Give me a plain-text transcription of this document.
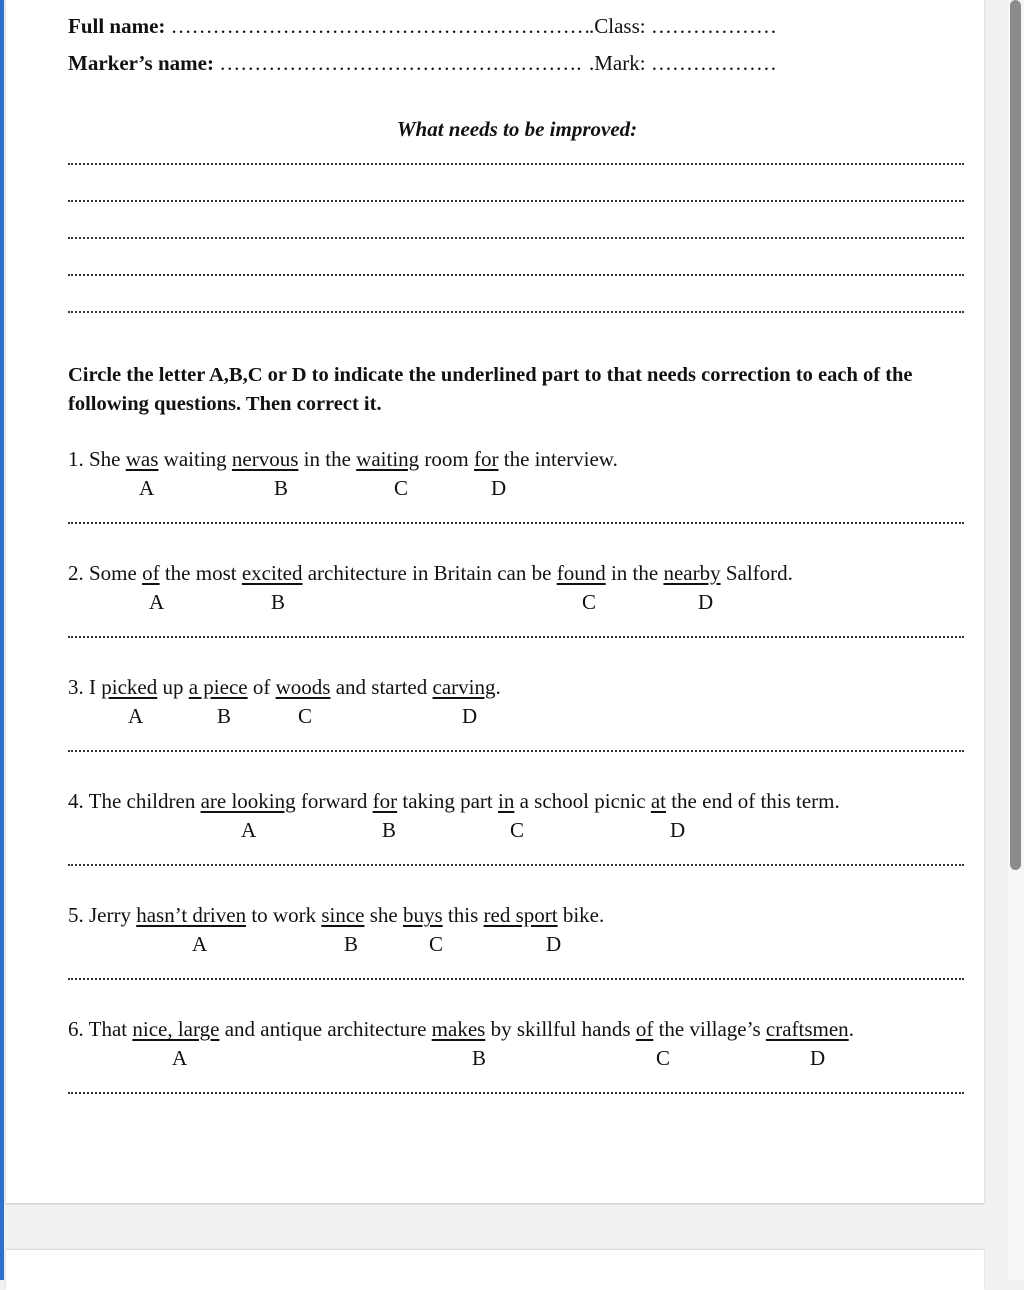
Full name: ……………………………………………………
.Class: ………………
Marker’s name: ……………………………………………. .Mark: ………………
What needs to be improved:
Circle the letter A,B,C or D to indicate the underlined part to that needs correction to each of the following questions. Then correct it.
1. She was waiting nervous in the waiting room for the interview.
A	B	C	D
2. Some of the most excited architecture in Britain can be found in the nearby Salford.
A	B	C	D
3. I picked up a piece of woods and started carving.
A	B	C	D
4. The children are looking forward for taking part in a school picnic at the end of this term.
A	B	C	D
5. Jerry hasn’t driven to work since she buys this red sport bike.
A	B	C	D
6. That nice, large and antique architecture makes by skillful hands of the village’s craftsmen.
A	B	C	D
